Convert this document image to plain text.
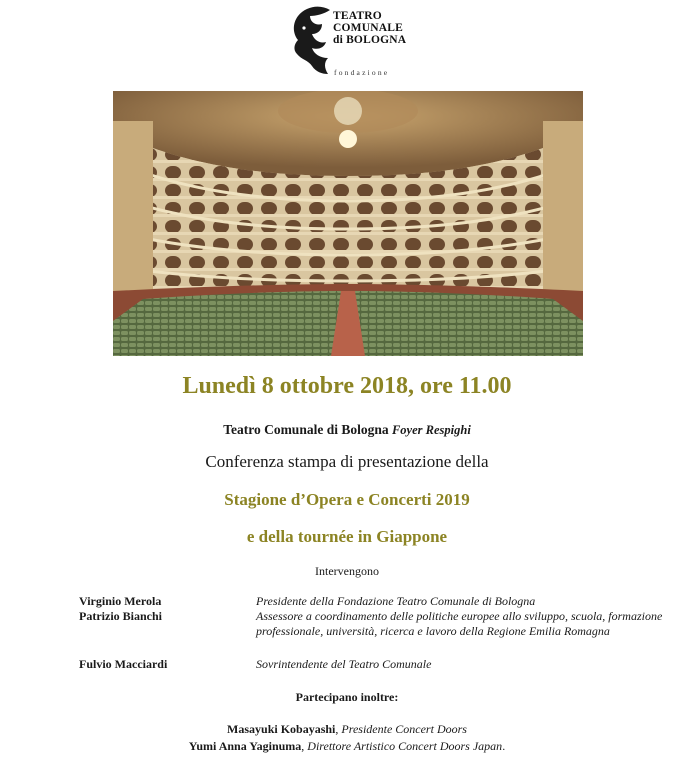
TEATRO
COMUNALE
di BOLOGNA
fondazione
Lunedì 8 ottobre 2018, ore 11.00
Teatro Comunale di Bologna Foyer Respighi
Conferenza stampa di presentazione della
Stagione d’Opera e Concerti 2019
e della tournée in Giappone
Intervengono
Virginio Merola	Presidente della Fondazione Teatro Comunale di Bologna
Patrizio Bianchi	Assessore a coordinamento delle politiche europee allo sviluppo, scuola, formazione professionale, università, ricerca e lavoro della Regione Emilia Romagna
Fulvio Macciardi	Sovrintendente del Teatro Comunale
Partecipano inoltre:
Masayuki Kobayashi, Presidente Concert Doors
Yumi Anna Yaginuma, Direttore Artistico Concert Doors Japan.
